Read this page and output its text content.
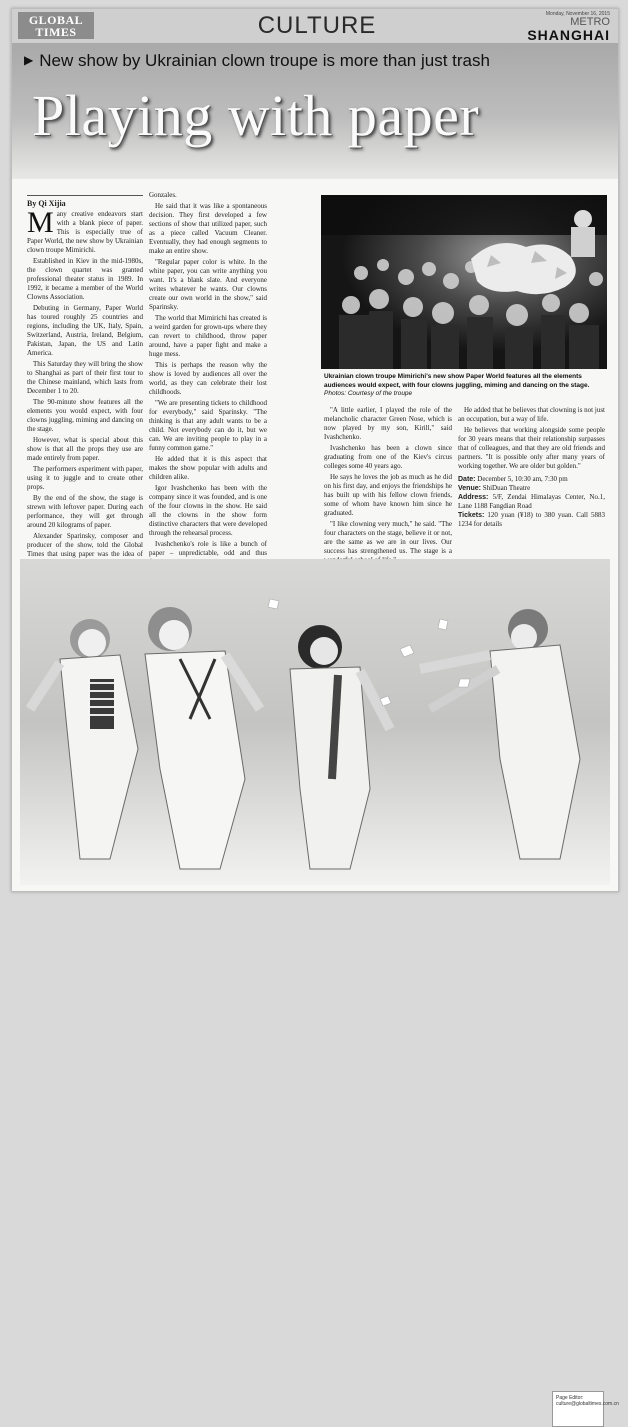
GLOBAL
TIMES	CULTURE	Monday, November 16, 2015
METRO
SHANGHAI
▶ New show by Ukrainian clown troupe is more than just trash
Playing with paper

By Qi Xijia

Many creative endeavors start with a blank piece of paper. This is especially true of Paper World, the new show by Ukrainian clown troupe Mimirichi.

Established in Kiev in the mid-1980s, the clown quartet was granted professional theater status in 1989. In 1992, it became a member of the World Clowns Association.

Debuting in Germany, Paper World has toured roughly 25 countries and regions, including the UK, Italy, Spain, Switzerland, Austria, Ireland, Belgium, Pakistan, Japan, the US and Latin America.

This Saturday they will bring the show to Shanghai as part of their first tour to the Chinese mainland, which lasts from December 1 to 20.

The 90-minute show features all the elements you would expect, with four clowns juggling, miming and dancing on the stage.

However, what is special about this show is that all the props they use are made entirely from paper.

The performers experiment with paper, using it to juggle and to create other props.

By the end of the show, the stage is strewn with leftover paper. During each performance, they will get through around 20 kilograms of paper.

Alexander Sparinsky, composer and producer of the show, told the Global Times that using paper was the idea of

Gonzales.

He said that it was like a spontaneous decision. They first developed a few sections of show that utilized paper, such as a piece called Vacuum Cleaner. Eventually, they had enough segments to make an entire show.

"Regular paper color is white. In the white paper, you can write anything you want. It's a blank slate. And everyone writes whatever he wants. Our clowns create our own world in the show," said Sparinsky.

The world that Mimirichi has created is a weird garden for grown-ups where they can revert to childhood, throw paper around, have a paper fight and make a huge mess.

This is perhaps the reason why the show is loved by audiences all over the world, as they can celebrate their lost childhoods.

"We are presenting tickets to childhood for everybody," said Sparinsky. "The thinking is that any adult wants to be a child. Not everybody can do it, but we can. We are inviting people to play in a funny common game."

He added that it is this aspect that makes the show popular with adults and children alike.

Igor Ivashchenko has been with the company since it was founded, and is one of the four clowns in the show. He said all the clowns in the show form distinctive characters that were developed through the rehearsal process.

Ivashchenko's role is like a bunch of paper – unpredictable, odd and thus

Ukrainian clown troupe Mimirichi's new show Paper World features all the elements audiences would expect, with four clowns juggling, miming and dancing on the stage. Photos: Courtesy of the troupe

"A little earlier, I played the role of the melancholic character Green Nose, which is now played by my son, Kirill," said Ivashchenko.

Ivashchenko has been a clown since graduating from one of the Kiev's circus colleges some 40 years ago.

He says he loves the job as much as he did on his first day, and enjoys the friendships he has built up with his fellow clown friends, some of whom have known him since he graduated.

"I like clowning very much," he said. "The four characters on the stage, believe it or not, are the same as we are in our lives. Our success has strengthened us. The stage is a

He added that he believes that clowning is not just an occupation, but a way of life.

He believes that working alongside some people for 30 years means that their relationship surpasses that of colleagues, and that they are old friends and partners. "It is possible only after many years of working together. We are older but golden."

Date: December 5, 10:30 am, 7:30 pm
Venue: ShiDuan Theatre
Address: 5/F, Zendai Himalayas Center, No.1, Lane 1188 Fangdian Road
Tickets: 120 yuan (¥18) to 380 yuan. Call 5883 1234 for details
Page Editor:
culture@globaltimes.com.cn
